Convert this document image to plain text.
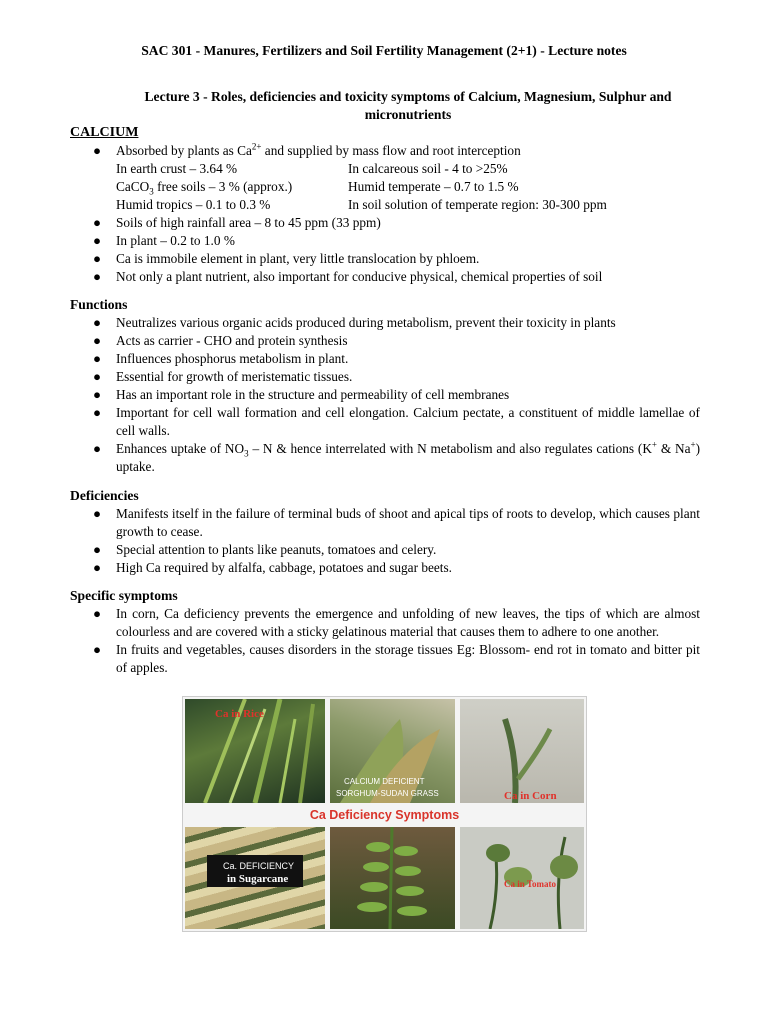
SAC 301 - Manures, Fertilizers and Soil Fertility Management (2+1) - Lecture notes
Lecture 3 - Roles, deficiencies and toxicity symptoms of Calcium, Magnesium, Sulphur and micronutrients
CALCIUM
● Absorbed by plants as $Ca^{2+}$ and supplied by mass flow and root interception
In earth crust – 3.64 %	In calcareous soil - 4 to >25%
CaCO$_3$ free soils – 3 % (approx.)	Humid temperate – 0.7 to 1.5 %
Humid tropics – 0.1 to 0.3 %	In soil solution of temperate region: 30-300 ppm
● Soils of high rainfall area – 8 to 45 ppm (33 ppm)
● In plant – 0.2 to 1.0 %
● Ca is immobile element in plant, very little translocation by phloem.
● Not only a plant nutrient, also important for conducive physical, chemical properties of soil
Functions
● Neutralizes various organic acids produced during metabolism, prevent their toxicity in plants
● Acts as carrier - CHO and protein synthesis
● Influences phosphorus metabolism in plant.
● Essential for growth of meristematic tissues.
● Has an important role in the structure and permeability of cell membranes
● Important for cell wall formation and cell elongation. Calcium pectate, a constituent of middle lamellae of cell walls.
● Enhances uptake of $NO_3$ – N & hence interrelated with N metabolism and also regulates cations (K+ & Na+) uptake.
Deficiencies
● Manifests itself in the failure of terminal buds of shoot and apical tips of roots to develop, which causes plant growth to cease.
● Special attention to plants like peanuts, tomatoes and celery.
● High Ca required by alfalfa, cabbage, potatoes and sugar beets.
Specific symptoms
● In corn, Ca deficiency prevents the emergence and unfolding of new leaves, the tips of which are almost colourless and are covered with a sticky gelatinous material that causes them to adhere to one another.
● In fruits and vegetables, causes disorders in the storage tissues Eg: Blossom- end rot in tomato and bitter pit of apples.
Ca in Rice
CALCIUM DEFICIENT
SORGHUM-SUDAN GRASS	Ca in Corn
Ca Deficiency Symptoms
Ca. DEFICIENCY
in Sugarcane	Ca in Tomato
